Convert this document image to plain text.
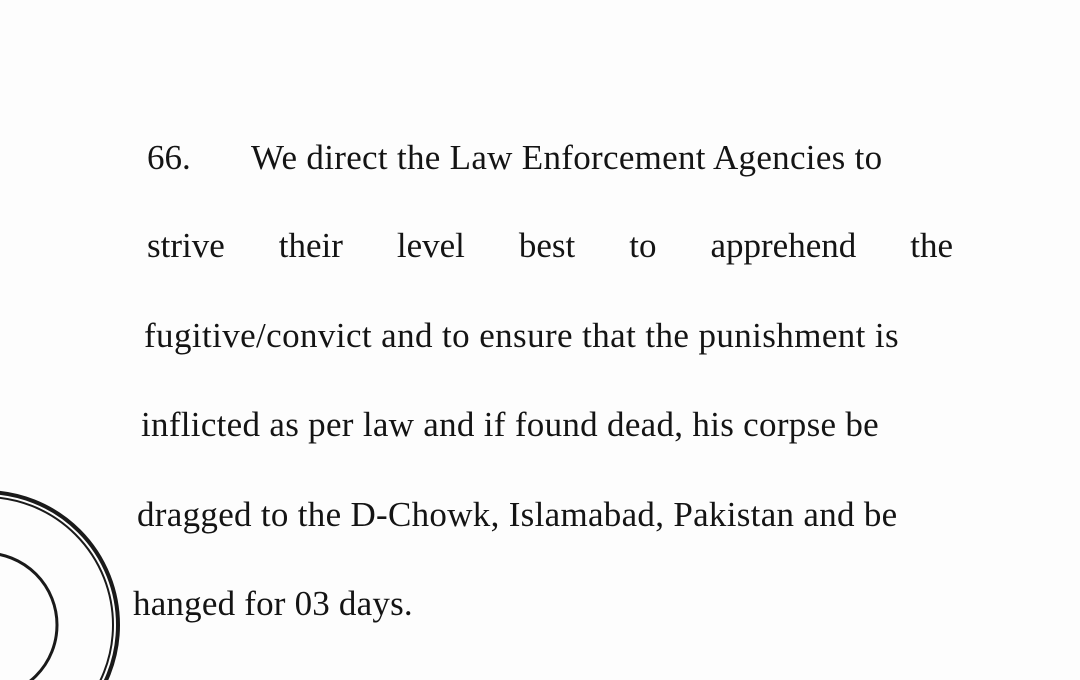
66. We direct the Law Enforcement Agencies to
strive their level best to apprehend the
fugitive/convict and to ensure that the punishment is
inflicted as per law and if found dead, his corpse be
dragged to the D-Chowk, Islamabad, Pakistan and be
hanged for 03 days.
